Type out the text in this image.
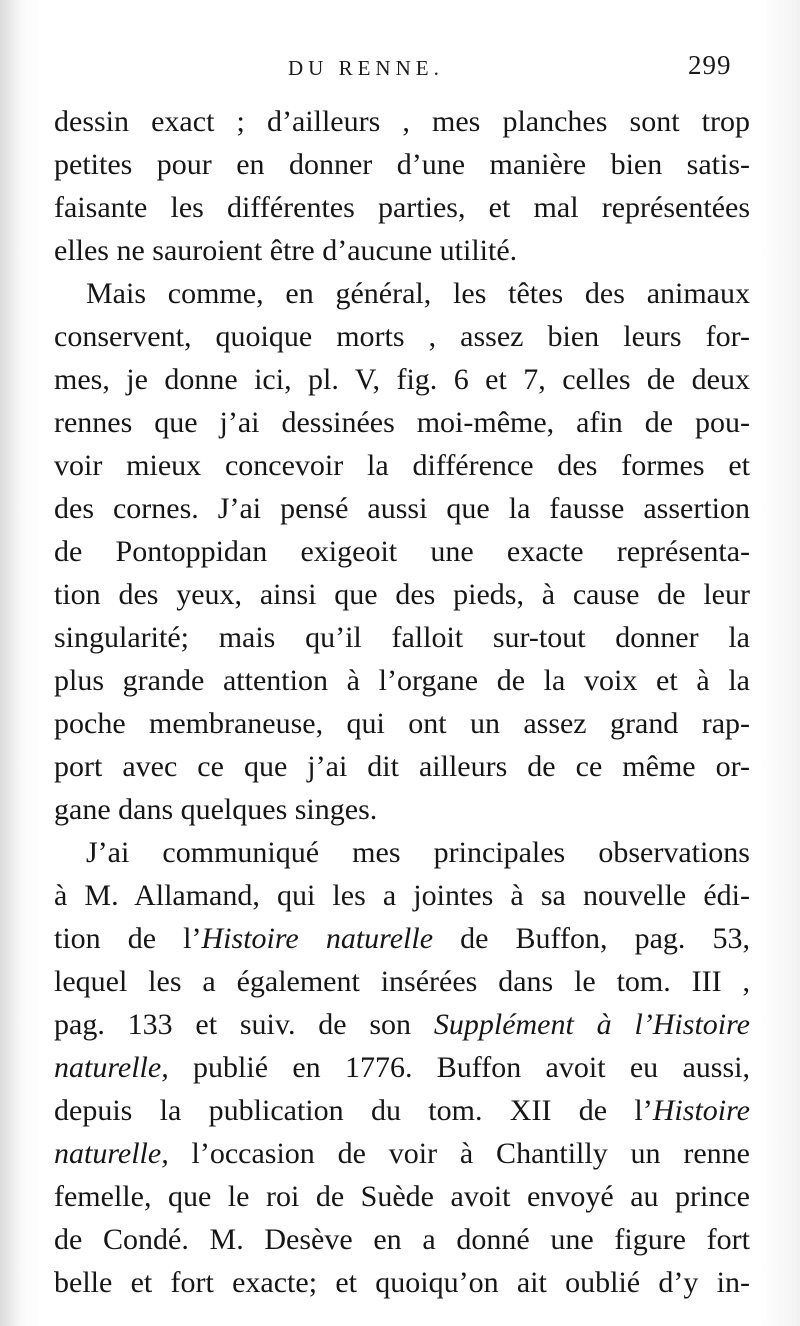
DU RENNE.	299
dessin exact ; d’ailleurs , mes planches sont trop
petites pour en donner d’une manière bien satis-
faisante les différentes parties, et mal représentées
elles ne sauroient être d’aucune utilité.
Mais comme, en général, les têtes des animaux
conservent, quoique morts , assez bien leurs for-
mes, je donne ici, pl. V, fig. 6 et 7, celles de deux
rennes que j’ai dessinées moi-même, afin de pou-
voir mieux concevoir la différence des formes et
des cornes. J’ai pensé aussi que la fausse assertion
de Pontoppidan exigeoit une exacte représenta-
tion des yeux, ainsi que des pieds, à cause de leur
singularité; mais qu’il falloit sur-tout donner la
plus grande attention à l’organe de la voix et à la
poche membraneuse, qui ont un assez grand rap-
port avec ce que j’ai dit ailleurs de ce même or-
gane dans quelques singes.
J’ai communiqué mes principales observations
à M. Allamand, qui les a jointes à sa nouvelle édi-
tion de l’Histoire naturelle de Buffon, pag. 53,
lequel les a également insérées dans le tom. III ,
pag. 133 et suiv. de son Supplément à l’Histoire
naturelle, publié en 1776. Buffon avoit eu aussi,
depuis la publication du tom. XII de l’Histoire
naturelle, l’occasion de voir à Chantilly un renne
femelle, que le roi de Suède avoit envoyé au prince
de Condé. M. Desève en a donné une figure fort
belle et fort exacte; et quoiqu’on ait oublié d’y in-
